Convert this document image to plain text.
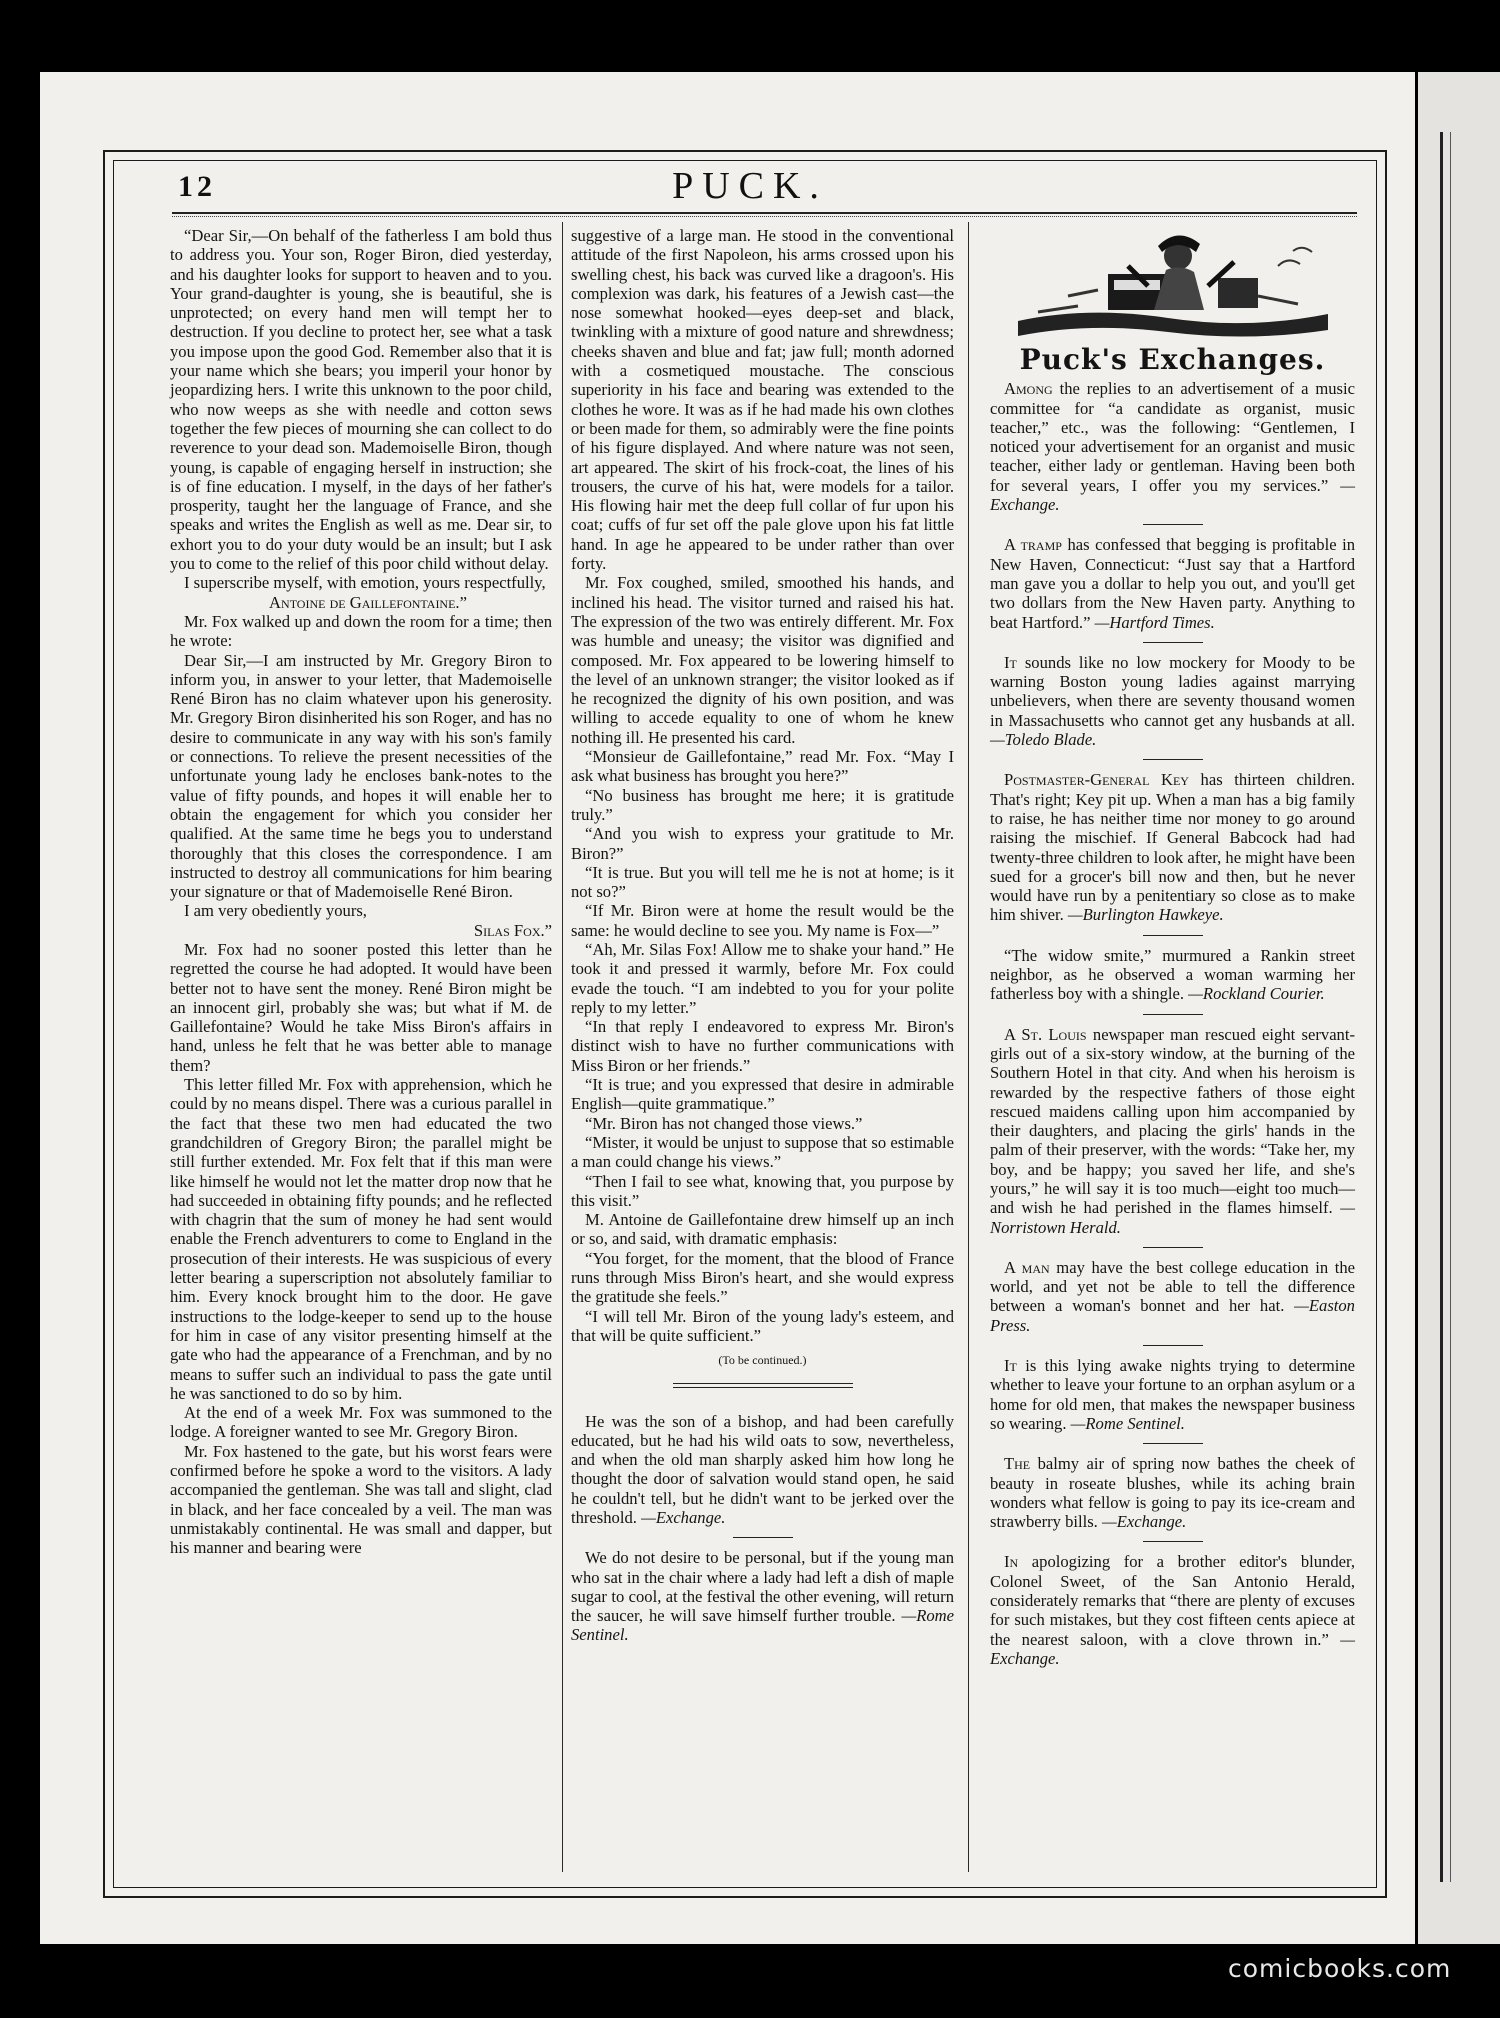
12	PUCK.

“Dear Sir,—On behalf of the fatherless I am bold thus to address you. Your son, Roger Biron, died yesterday, and his daughter looks for support to heaven and to you. Your grand-daughter is young, she is beautiful, she is unprotected; on every hand men will tempt her to destruction. If you decline to protect her, see what a task you impose upon the good God. Remember also that it is your name which she bears; you imperil your honor by jeopardizing hers. I write this unknown to the poor child, who now weeps as she with needle and cotton sews together the few pieces of mourning she can collect to do reverence to your dead son. Mademoiselle Biron, though young, is capable of engaging herself in instruction; she is of fine education. I myself, in the days of her father's prosperity, taught her the language of France, and she speaks and writes the English as well as me. Dear sir, to exhort you to do your duty would be an insult; but I ask you to come to the relief of this poor child without delay.

I superscribe myself, with emotion, yours respectfully,

Antoine de Gaillefontaine.”

Mr. Fox walked up and down the room for a time; then he wrote:

Dear Sir,—I am instructed by Mr. Gregory Biron to inform you, in answer to your letter, that Mademoiselle René Biron has no claim whatever upon his generosity. Mr. Gregory Biron disinherited his son Roger, and has no desire to communicate in any way with his son's family or connections. To relieve the present necessities of the unfortunate young lady he encloses bank-notes to the value of fifty pounds, and hopes it will enable her to obtain the engagement for which you consider her qualified. At the same time he begs you to understand thoroughly that this closes the correspondence. I am instructed to destroy all communications for him bearing your signature or that of Mademoiselle René Biron.

I am very obediently yours,

Silas Fox.”

Mr. Fox had no sooner posted this letter than he regretted the course he had adopted. It would have been better not to have sent the money. René Biron might be an innocent girl, probably she was; but what if M. de Gaillefontaine? Would he take Miss Biron's affairs in hand, unless he felt that he was better able to manage them?

This letter filled Mr. Fox with apprehension, which he could by no means dispel. There was a curious parallel in the fact that these two men had educated the two grandchildren of Gregory Biron; the parallel might be still further extended. Mr. Fox felt that if this man were like himself he would not let the matter drop now that he had succeeded in obtaining fifty pounds; and he reflected with chagrin that the sum of money he had sent would enable the French adventurers to come to England in the prosecution of their interests. He was suspicious of every letter bearing a superscription not absolutely familiar to him. Every knock brought him to the door. He gave instructions to the lodge-keeper to send up to the house for him in case of any visitor presenting himself at the gate who had the appearance of a Frenchman, and by no means to suffer such an individual to pass the gate until he was sanctioned to do so by him.

At the end of a week Mr. Fox was summoned to the lodge. A foreigner wanted to see Mr. Gregory Biron.

Mr. Fox hastened to the gate, but his worst fears were confirmed before he spoke a word to the visitors. A lady accompanied the gentleman. She was tall and slight, clad in black, and her face concealed by a veil. The man was unmistakably continental. He was small and dapper, but his manner and bearing were

suggestive of a large man. He stood in the conventional attitude of the first Napoleon, his arms crossed upon his swelling chest, his back was curved like a dragoon's. His complexion was dark, his features of a Jewish cast—the nose somewhat hooked—eyes deep-set and black, twinkling with a mixture of good nature and shrewdness; cheeks shaven and blue and fat; jaw full; month adorned with a cosmetiqued moustache. The conscious superiority in his face and bearing was extended to the clothes he wore. It was as if he had made his own clothes or been made for them, so admirably were the fine points of his figure displayed. And where nature was not seen, art appeared. The skirt of his frock-coat, the lines of his trousers, the curve of his hat, were models for a tailor. His flowing hair met the deep full collar of fur upon his coat; cuffs of fur set off the pale glove upon his fat little hand. In age he appeared to be under rather than over forty.

Mr. Fox coughed, smiled, smoothed his hands, and inclined his head. The visitor turned and raised his hat. The expression of the two was entirely different. Mr. Fox was humble and uneasy; the visitor was dignified and composed. Mr. Fox appeared to be lowering himself to the level of an unknown stranger; the visitor looked as if he recognized the dignity of his own position, and was willing to accede equality to one of whom he knew nothing ill. He presented his card.

“Monsieur de Gaillefontaine,” read Mr. Fox. “May I ask what business has brought you here?”

“No business has brought me here; it is gratitude truly.”

“And you wish to express your gratitude to Mr. Biron?”

“It is true. But you will tell me he is not at home; is it not so?”

“If Mr. Biron were at home the result would be the same: he would decline to see you. My name is Fox—”

“Ah, Mr. Silas Fox! Allow me to shake your hand.” He took it and pressed it warmly, before Mr. Fox could evade the touch. “I am indebted to you for your polite reply to my letter.”

“In that reply I endeavored to express Mr. Biron's distinct wish to have no further communications with Miss Biron or her friends.”

“It is true; and you expressed that desire in admirable English—quite grammatique.”

“Mr. Biron has not changed those views.”

“Mister, it would be unjust to suppose that so estimable a man could change his views.”

“Then I fail to see what, knowing that, you purpose by this visit.”

M. Antoine de Gaillefontaine drew himself up an inch or so, and said, with dramatic emphasis:

“You forget, for the moment, that the blood of France runs through Miss Biron's heart, and she would express the gratitude she feels.”

“I will tell Mr. Biron of the young lady's esteem, and that will be quite sufficient.”

(To be continued.)

He was the son of a bishop, and had been carefully educated, but he had his wild oats to sow, nevertheless, and when the old man sharply asked him how long he thought the door of salvation would stand open, he said he couldn't tell, but he didn't want to be jerked over the threshold. —Exchange.

We do not desire to be personal, but if the young man who sat in the chair where a lady had left a dish of maple sugar to cool, at the festival the other evening, will return the saucer, he will save himself further trouble. —Rome Sentinel.

Puck's Exchanges.

Among the replies to an advertisement of a music committee for “a candidate as organist, music teacher,” etc., was the following: “Gentlemen, I noticed your advertisement for an organist and music teacher, either lady or gentleman. Having been both for several years, I offer you my services.” —Exchange.

A tramp has confessed that begging is profitable in New Haven, Connecticut: “Just say that a Hartford man gave you a dollar to help you out, and you'll get two dollars from the New Haven party. Anything to beat Hartford.” —Hartford Times.

It sounds like no low mockery for Moody to be warning Boston young ladies against marrying unbelievers, when there are seventy thousand women in Massachusetts who cannot get any husbands at all. —Toledo Blade.

Postmaster-General Key has thirteen children. That's right; Key pit up. When a man has a big family to raise, he has neither time nor money to go around raising the mischief. If General Babcock had had twenty-three children to look after, he might have been sued for a grocer's bill now and then, but he never would have run by a penitentiary so close as to make him shiver. —Burlington Hawkeye.

“The widow smite,” murmured a Rankin street neighbor, as he observed a woman warming her fatherless boy with a shingle. —Rockland Courier.

A St. Louis newspaper man rescued eight servant-girls out of a six-story window, at the burning of the Southern Hotel in that city. And when his heroism is rewarded by the respective fathers of those eight rescued maidens calling upon him accompanied by their daughters, and placing the girls' hands in the palm of their preserver, with the words: “Take her, my boy, and be happy; you saved her life, and she's yours,” he will say it is too much—eight too much—and wish he had perished in the flames himself. —Norristown Herald.

A man may have the best college education in the world, and yet not be able to tell the difference between a woman's bonnet and her hat. —Easton Press.

It is this lying awake nights trying to determine whether to leave your fortune to an orphan asylum or a home for old men, that makes the newspaper business so wearing. —Rome Sentinel.

The balmy air of spring now bathes the cheek of beauty in roseate blushes, while its aching brain wonders what fellow is going to pay its ice-cream and strawberry bills. —Exchange.

In apologizing for a brother editor's blunder, Colonel Sweet, of the San Antonio Herald, considerately remarks that “there are plenty of excuses for such mistakes, but they cost fifteen cents apiece at the nearest saloon, with a clove thrown in.” —Exchange.

comicbooks.com
